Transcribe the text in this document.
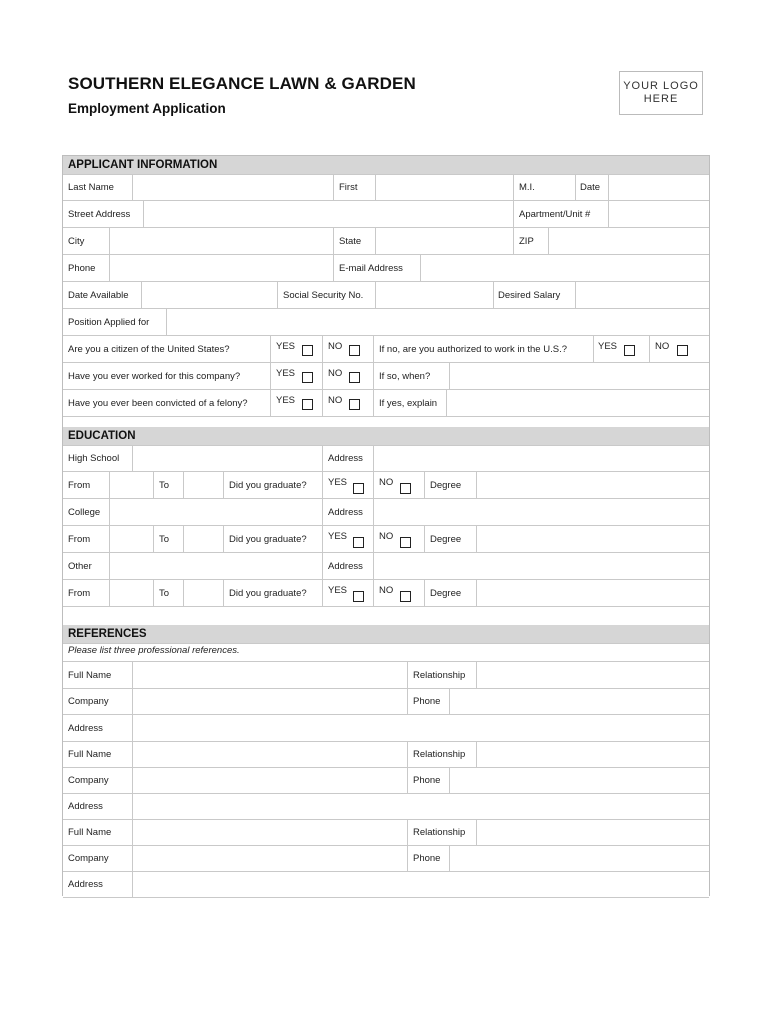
SOUTHERN ELEGANCE LAWN & GARDEN
Employment Application
YOUR LOGO
HERE
APPLICANT INFORMATION
Last Name	First	M.I.	Date
Street Address	Apartment/Unit #
City	State	ZIP
Phone	E-mail Address
Date Available	Social Security No.	Desired Salary
Position Applied for
Are you a citizen of the United States?	YES	NO	If no, are you authorized to work in the U.S.?	YES	NO
Have you ever worked for this company?	YES	NO	If so, when?
Have you ever been convicted of a felony?	YES	NO	If yes, explain
EDUCATION
High School	Address
From	To	Did you graduate? YES	NO	Degree
College	Address
From	To	Did you graduate? YES	NO	Degree
Other	Address
From	To	Did you graduate? YES	NO	Degree
REFERENCES
Please list three professional references.
Full Name	Relationship
Company	Phone
Address
Full Name	Relationship
Company	Phone
Address
Full Name	Relationship
Company	Phone
Address
